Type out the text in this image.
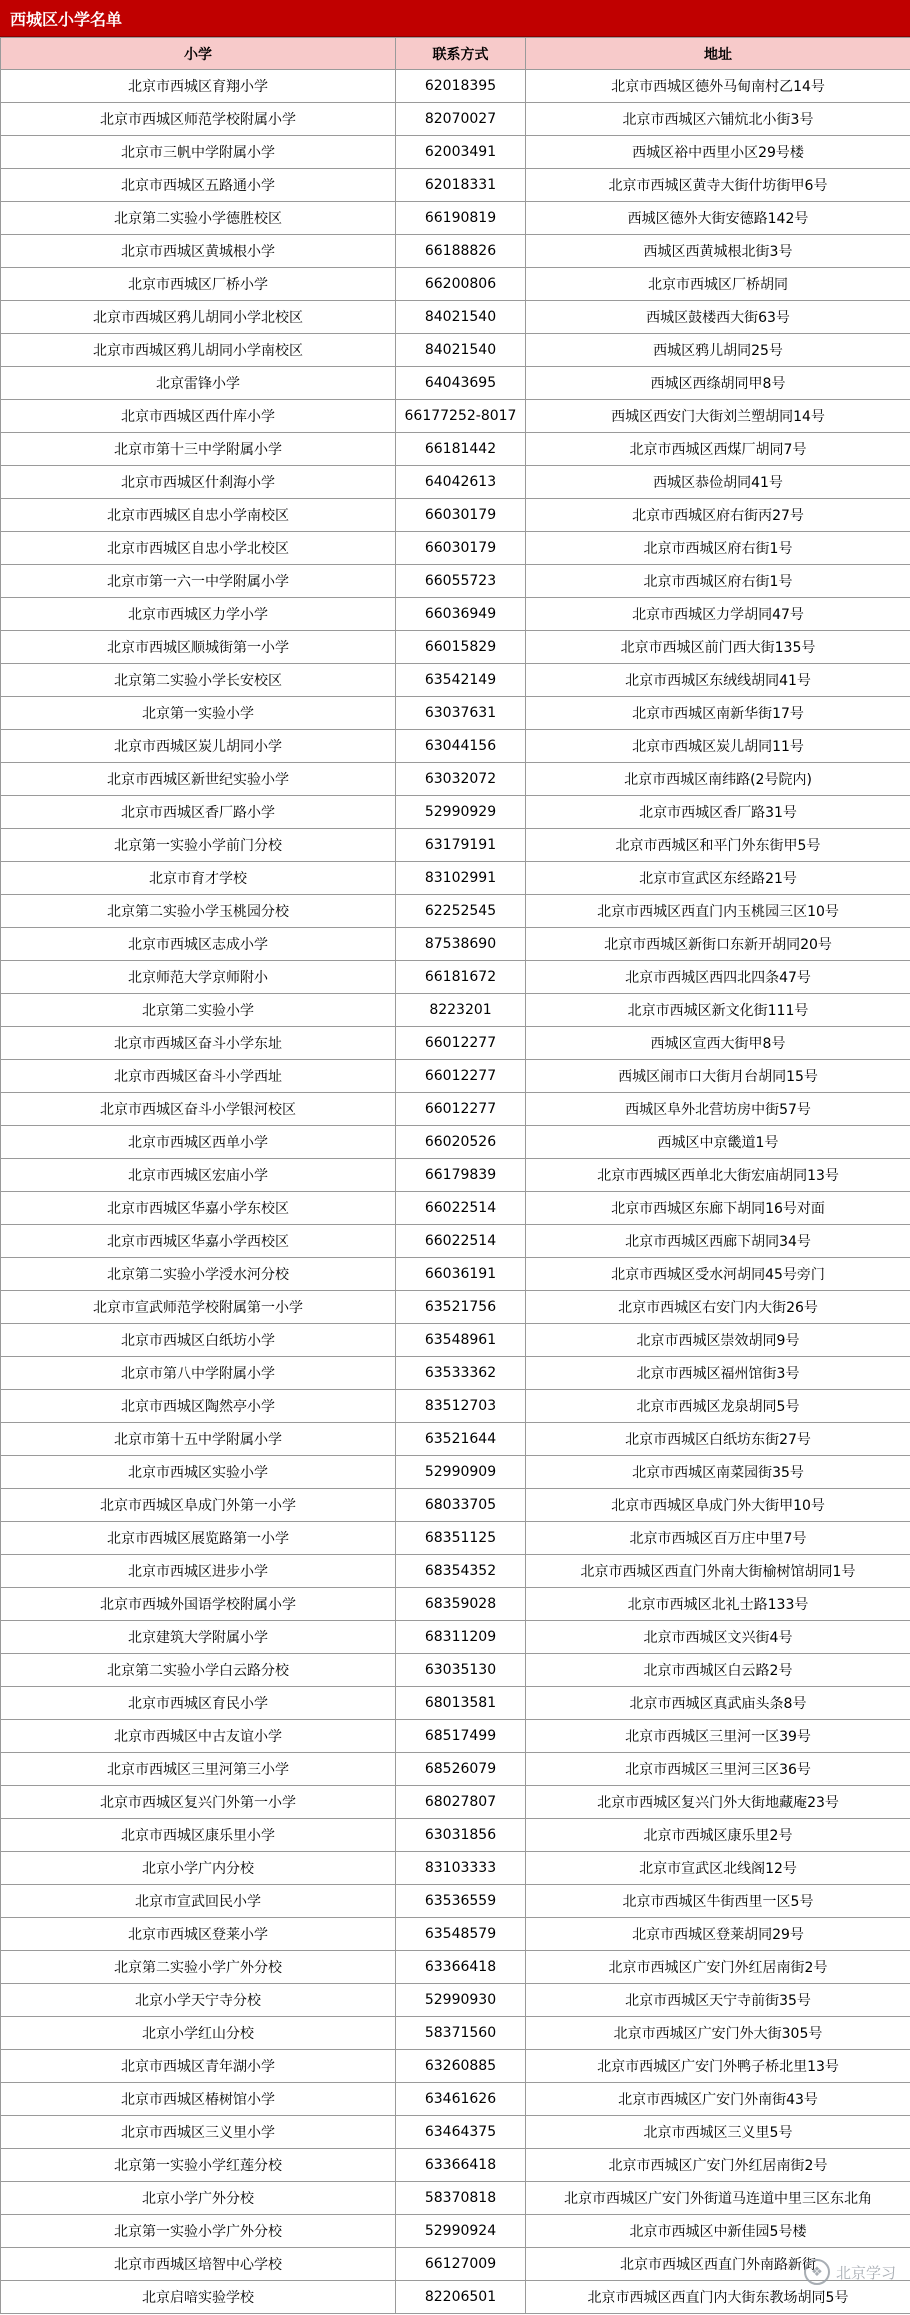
西城区小学名单
小学	联系方式	地址
北京市西城区育翔小学	62018395	北京市西城区德外马甸南村乙14号
北京市西城区师范学校附属小学	82070027	北京市西城区六铺炕北小街3号
北京市三帆中学附属小学	62003491	西城区裕中西里小区29号楼
北京市西城区五路通小学	62018331	北京市西城区黄寺大街什坊街甲6号
北京第二实验小学德胜校区	66190819	西城区德外大街安德路142号
北京市西城区黄城根小学	66188826	西城区西黄城根北街3号
北京市西城区厂桥小学	66200806	北京市西城区厂桥胡同
北京市西城区鸦儿胡同小学北校区	84021540	西城区鼓楼西大街63号
北京市西城区鸦儿胡同小学南校区	84021540	西城区鸦儿胡同25号
北京雷锋小学	64043695	西城区西绦胡同甲8号
北京市西城区西什库小学	66177252-8017	西城区西安门大街刘兰塑胡同14号
北京市第十三中学附属小学	66181442	北京市西城区西煤厂胡同7号
北京市西城区什刹海小学	64042613	西城区恭俭胡同41号
北京市西城区自忠小学南校区	66030179	北京市西城区府右街丙27号
北京市西城区自忠小学北校区	66030179	北京市西城区府右街1号
北京市第一六一中学附属小学	66055723	北京市西城区府右街1号
北京市西城区力学小学	66036949	北京市西城区力学胡同47号
北京市西城区顺城街第一小学	66015829	北京市西城区前门西大街135号
北京第二实验小学长安校区	63542149	北京市西城区东绒线胡同41号
北京第一实验小学	63037631	北京市西城区南新华街17号
北京市西城区炭儿胡同小学	63044156	北京市西城区炭儿胡同11号
北京市西城区新世纪实验小学	63032072	北京市西城区南纬路(2号院内)
北京市西城区香厂路小学	52990929	北京市西城区香厂路31号
北京第一实验小学前门分校	63179191	北京市西城区和平门外东街甲5号
北京市育才学校	83102991	北京市宣武区东经路21号
北京第二实验小学玉桃园分校	62252545	北京市西城区西直门内玉桃园三区10号
北京市西城区志成小学	87538690	北京市西城区新街口东新开胡同20号
北京师范大学京师附小	66181672	北京市西城区西四北四条47号
北京第二实验小学	8223201	北京市西城区新文化街111号
北京市西城区奋斗小学东址	66012277	西城区宣西大街甲8号
北京市西城区奋斗小学西址	66012277	西城区闹市口大街月台胡同15号
北京市西城区奋斗小学银河校区	66012277	西城区阜外北营坊房中街57号
北京市西城区西单小学	66020526	西城区中京畿道1号
北京市西城区宏庙小学	66179839	北京市西城区西单北大街宏庙胡同13号
北京市西城区华嘉小学东校区	66022514	北京市西城区东廊下胡同16号对面
北京市西城区华嘉小学西校区	66022514	北京市西城区西廊下胡同34号
北京第二实验小学涭水河分校	66036191	北京市西城区受水河胡同45号旁门
北京市宣武师范学校附属第一小学	63521756	北京市西城区右安门内大街26号
北京市西城区白纸坊小学	63548961	北京市西城区崇效胡同9号
北京市第八中学附属小学	63533362	北京市西城区福州馆街3号
北京市西城区陶然亭小学	83512703	北京市西城区龙泉胡同5号
北京市第十五中学附属小学	63521644	北京市西城区白纸坊东街27号
北京市西城区实验小学	52990909	北京市西城区南菜园街35号
北京市西城区阜成门外第一小学	68033705	北京市西城区阜成门外大街甲10号
北京市西城区展览路第一小学	68351125	北京市西城区百万庄中里7号
北京市西城区进步小学	68354352	北京市西城区西直门外南大街榆树馆胡同1号
北京市西城外国语学校附属小学	68359028	北京市西城区北礼士路133号
北京建筑大学附属小学	68311209	北京市西城区文兴街4号
北京第二实验小学白云路分校	63035130	北京市西城区白云路2号
北京市西城区育民小学	68013581	北京市西城区真武庙头条8号
北京市西城区中古友谊小学	68517499	北京市西城区三里河一区39号
北京市西城区三里河第三小学	68526079	北京市西城区三里河三区36号
北京市西城区复兴门外第一小学	68027807	北京市西城区复兴门外大街地藏庵23号
北京市西城区康乐里小学	63031856	北京市西城区康乐里2号
北京小学广内分校	83103333	北京市宣武区北线阁12号
北京市宣武回民小学	63536559	北京市西城区牛街西里一区5号
北京市西城区登莱小学	63548579	北京市西城区登莱胡同29号
北京第二实验小学广外分校	63366418	北京市西城区广安门外红居南街2号
北京小学天宁寺分校	52990930	北京市西城区天宁寺前街35号
北京小学红山分校	58371560	北京市西城区广安门外大街305号
北京市西城区青年湖小学	63260885	北京市西城区广安门外鸭子桥北里13号
北京市西城区椿树馆小学	63461626	北京市西城区广安门外南街43号
北京市西城区三义里小学	63464375	北京市西城区三义里5号
北京第一实验小学红莲分校	63366418	北京市西城区广安门外红居南街2号
北京小学广外分校	58370818	北京市西城区广安门外街道马连道中里三区东北角
北京第一实验小学广外分校	52990924	北京市西城区中新佳园5号楼
北京市西城区培智中心学校	66127009	北京市西城区西直门外南路新街
北京启喑实验学校	82206501	北京市西城区西直门内大街东教场胡同5号
❖ 北京学习
